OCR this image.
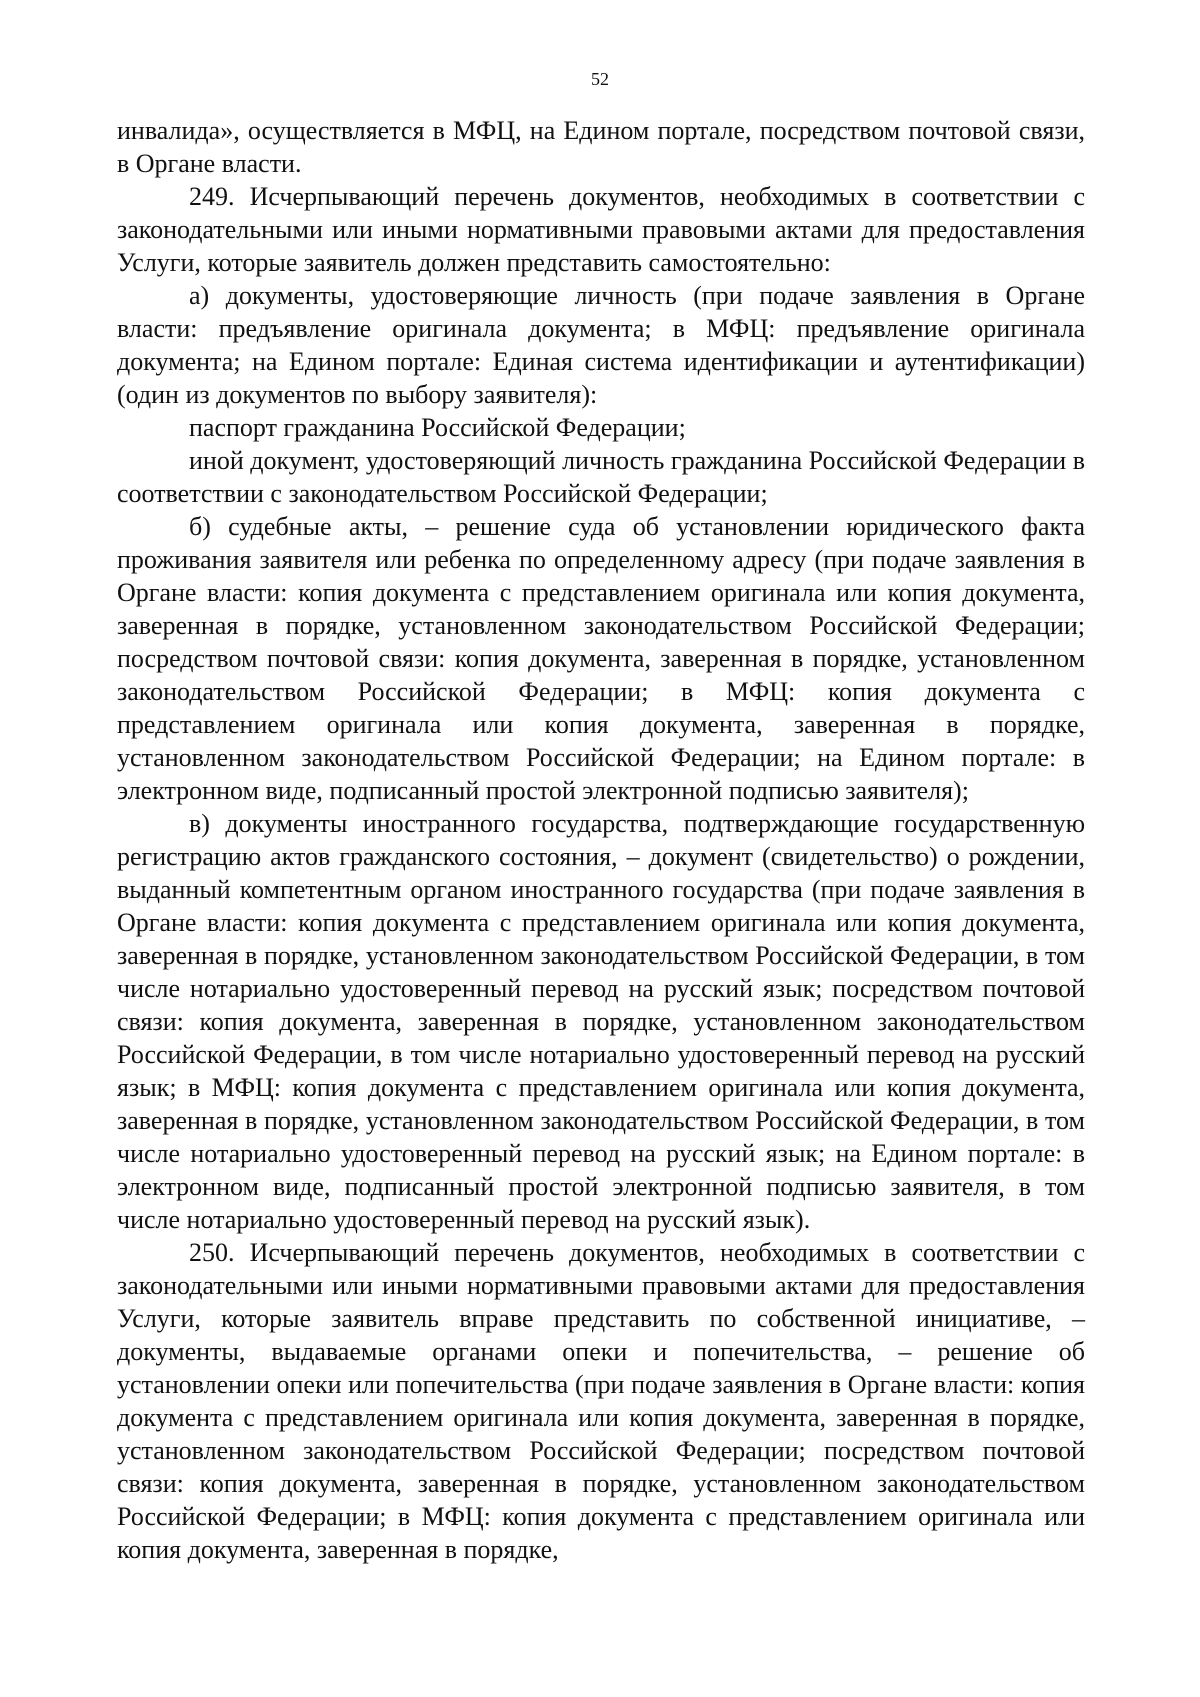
52

инвалида», осуществляется в МФЦ, на Едином портале, посредством почтовой связи, в Органе власти.

249. Исчерпывающий перечень документов, необходимых в соответствии с законодательными или иными нормативными правовыми актами для предоставления Услуги, которые заявитель должен представить самостоятельно:

а) документы, удостоверяющие личность (при подаче заявления в Органе власти: предъявление оригинала документа; в МФЦ: предъявление оригинала документа; на Едином портале: Единая система идентификации и аутентификации) (один из документов по выбору заявителя):

паспорт гражданина Российской Федерации;

иной документ, удостоверяющий личность гражданина Российской Федерации в соответствии с законодательством Российской Федерации;

б) судебные акты, – решение суда об установлении юридического факта проживания заявителя или ребенка по определенному адресу (при подаче заявления в Органе власти: копия документа с представлением оригинала или копия документа, заверенная в порядке, установленном законодательством Российской Федерации; посредством почтовой связи: копия документа, заверенная в порядке, установленном законодательством Российской Федерации; в МФЦ: копия документа с представлением оригинала или копия документа, заверенная в порядке, установленном законодательством Российской Федерации; на Едином портале: в электронном виде, подписанный простой электронной подписью заявителя);

в) документы иностранного государства, подтверждающие государственную регистрацию актов гражданского состояния, – документ (свидетельство) о рождении, выданный компетентным органом иностранного государства (при подаче заявления в Органе власти: копия документа с представлением оригинала или копия документа, заверенная в порядке, установленном законодательством Российской Федерации, в том числе нотариально удостоверенный перевод на русский язык; посредством почтовой связи: копия документа, заверенная в порядке, установленном законодательством Российской Федерации, в том числе нотариально удостоверенный перевод на русский язык; в МФЦ: копия документа с представлением оригинала или копия документа, заверенная в порядке, установленном законодательством Российской Федерации, в том числе нотариально удостоверенный перевод на русский язык; на Едином портале: в электронном виде, подписанный простой электронной подписью заявителя, в том числе нотариально удостоверенный перевод на русский язык).

250. Исчерпывающий перечень документов, необходимых в соответствии с законодательными или иными нормативными правовыми актами для предоставления Услуги, которые заявитель вправе представить по собственной инициативе, – документы, выдаваемые органами опеки и попечительства, – решение об установлении опеки или попечительства (при подаче заявления в Органе власти: копия документа с представлением оригинала или копия документа, заверенная в порядке, установленном законодательством Российской Федерации; посредством почтовой связи: копия документа, заверенная в порядке, установленном законодательством Российской Федерации; в МФЦ: копия документа с представлением оригинала или копия документа, заверенная в порядке,
